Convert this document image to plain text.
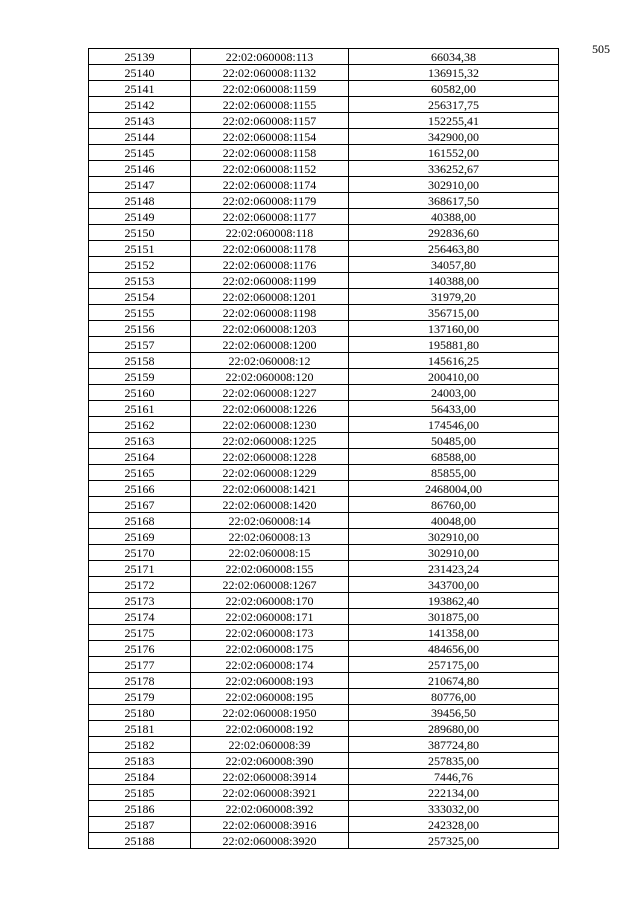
505
25139	22:02:060008:113	66034,38
25140	22:02:060008:1132	136915,32
25141	22:02:060008:1159	60582,00
25142	22:02:060008:1155	256317,75
25143	22:02:060008:1157	152255,41
25144	22:02:060008:1154	342900,00
25145	22:02:060008:1158	161552,00
25146	22:02:060008:1152	336252,67
25147	22:02:060008:1174	302910,00
25148	22:02:060008:1179	368617,50
25149	22:02:060008:1177	40388,00
25150	22:02:060008:118	292836,60
25151	22:02:060008:1178	256463,80
25152	22:02:060008:1176	34057,80
25153	22:02:060008:1199	140388,00
25154	22:02:060008:1201	31979,20
25155	22:02:060008:1198	356715,00
25156	22:02:060008:1203	137160,00
25157	22:02:060008:1200	195881,80
25158	22:02:060008:12	145616,25
25159	22:02:060008:120	200410,00
25160	22:02:060008:1227	24003,00
25161	22:02:060008:1226	56433,00
25162	22:02:060008:1230	174546,00
25163	22:02:060008:1225	50485,00
25164	22:02:060008:1228	68588,00
25165	22:02:060008:1229	85855,00
25166	22:02:060008:1421	2468004,00
25167	22:02:060008:1420	86760,00
25168	22:02:060008:14	40048,00
25169	22:02:060008:13	302910,00
25170	22:02:060008:15	302910,00
25171	22:02:060008:155	231423,24
25172	22:02:060008:1267	343700,00
25173	22:02:060008:170	193862,40
25174	22:02:060008:171	301875,00
25175	22:02:060008:173	141358,00
25176	22:02:060008:175	484656,00
25177	22:02:060008:174	257175,00
25178	22:02:060008:193	210674,80
25179	22:02:060008:195	80776,00
25180	22:02:060008:1950	39456,50
25181	22:02:060008:192	289680,00
25182	22:02:060008:39	387724,80
25183	22:02:060008:390	257835,00
25184	22:02:060008:3914	7446,76
25185	22:02:060008:3921	222134,00
25186	22:02:060008:392	333032,00
25187	22:02:060008:3916	242328,00
25188	22:02:060008:3920	257325,00
